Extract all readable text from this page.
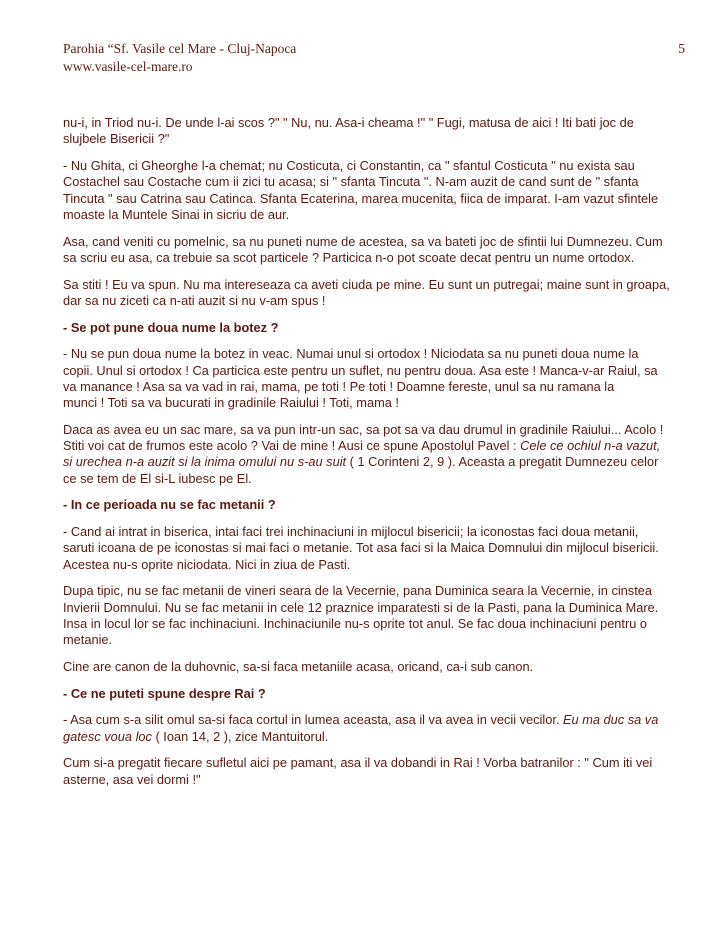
Parohia “Sf. Vasile cel Mare - Cluj-Napoca	5
www.vasile-cel-mare.ro

nu-i, in Triod nu-i. De unde l-ai scos ?" " Nu, nu. Asa-i cheama !" " Fugi, matusa de aici ! Iti bati joc de
slujbele Bisericii ?"

- Nu Ghita, ci Gheorghe l-a chemat; nu Costicuta, ci Constantin, ca " sfantul Costicuta " nu exista sau
Costachel sau Costache cum ii zici tu acasa; si " sfanta Tincuta ". N-am auzit de cand sunt de " sfanta
Tincuta " sau Catrina sau Catinca. Sfanta Ecaterina, marea mucenita, fiica de imparat. I-am vazut sfintele
moaste la Muntele Sinai in sicriu de aur.

Asa, cand veniti cu pomelnic, sa nu puneti nume de acestea, sa va bateti joc de sfintii lui Dumnezeu. Cum
sa scriu eu asa, ca trebuie sa scot particele ? Particica n-o pot scoate decat pentru un nume ortodox.

Sa stiti ! Eu va spun. Nu ma intereseaza ca aveti ciuda pe mine. Eu sunt un putregai; maine sunt in groapa,
dar sa nu ziceti ca n-ati auzit si nu v-am spus !

- Se pot pune doua nume la botez ?

- Nu se pun doua nume la botez in veac. Numai unul si ortodox ! Niciodata sa nu puneti doua nume la
copii. Unul si ortodox ! Ca particica este pentru un suflet, nu pentru doua. Asa este ! Manca-v-ar Raiul, sa
va manance ! Asa sa va vad in rai, mama, pe toti ! Pe toti ! Doamne fereste, unul sa nu ramana la
munci ! Toti sa va bucurati in gradinile Raiului ! Toti, mama !

Daca as avea eu un sac mare, sa va pun intr-un sac, sa pot sa va dau drumul in gradinile Raiului... Acolo !
Stiti voi cat de frumos este acolo ? Vai de mine ! Ausi ce spune Apostolul Pavel : Cele ce ochiul n-a vazut,
si urechea n-a auzit si la inima omului nu s-au suit ( 1 Corinteni 2, 9 ). Aceasta a pregatit Dumnezeu celor
ce se tem de El si-L iubesc pe El.

- In ce perioada nu se fac metanii ?

- Cand ai intrat in biserica, intai faci trei inchinaciuni in mijlocul bisericii; la iconostas faci doua metanii,
saruti icoana de pe iconostas si mai faci o metanie. Tot asa faci si la Maica Domnului din mijlocul bisericii.
Acestea nu-s oprite niciodata. Nici in ziua de Pasti.

Dupa tipic, nu se fac metanii de vineri seara de la Vecernie, pana Duminica seara la Vecernie, in cinstea
Invierii Domnului. Nu se fac metanii in cele 12 praznice imparatesti si de la Pasti, pana la Duminica Mare.
Insa in locul lor se fac inchinaciuni. Inchinaciunile nu-s oprite tot anul. Se fac doua inchinaciuni pentru o
metanie.

Cine are canon de la duhovnic, sa-si faca metaniile acasa, oricand, ca-i sub canon.

- Ce ne puteti spune despre Rai ?

- Asa cum s-a silit omul sa-si faca cortul in lumea aceasta, asa il va avea in vecii vecilor. Eu ma duc sa va
gatesc voua loc ( Ioan 14, 2 ), zice Mantuitorul.

Cum si-a pregatit fiecare sufletul aici pe pamant, asa il va dobandi in Rai ! Vorba batranilor : " Cum iti vei
asterne, asa vei dormi !"
